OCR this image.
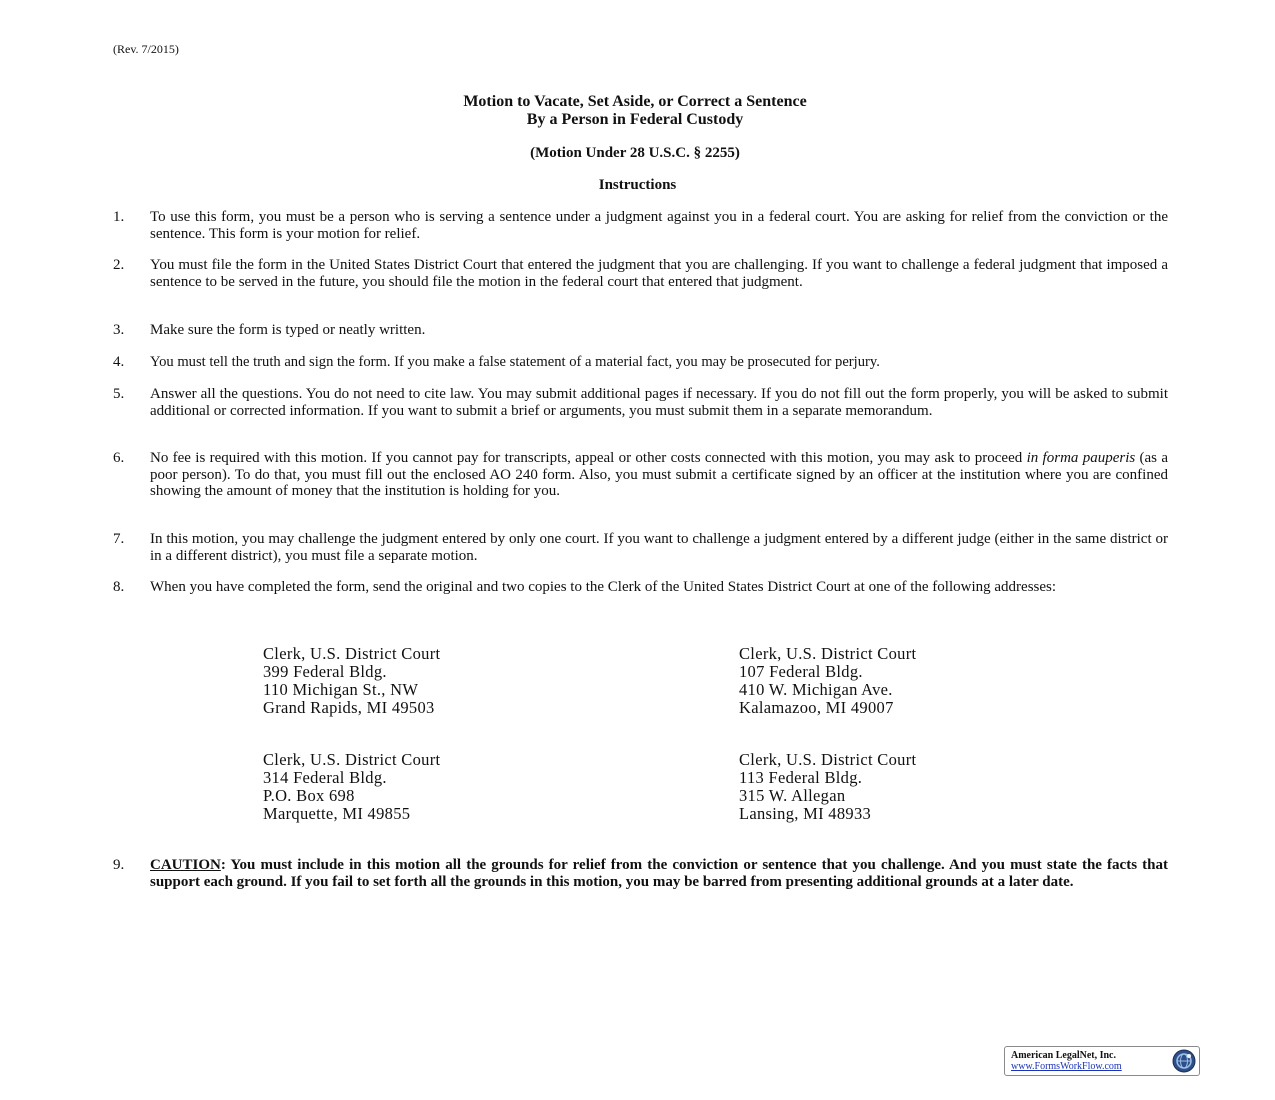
(Rev. 7/2015)
Motion to Vacate, Set Aside, or Correct a Sentence
By a Person in Federal Custody
(Motion Under 28 U.S.C. § 2255)
Instructions
1. To use this form, you must be a person who is serving a sentence under a judgment against you in a federal court. You are asking for relief from the conviction or the sentence. This form is your motion for relief.
2. You must file the form in the United States District Court that entered the judgment that you are challenging. If you want to challenge a federal judgment that imposed a sentence to be served in the future, you should file the motion in the federal court that entered that judgment.
3. Make sure the form is typed or neatly written.
4. You must tell the truth and sign the form. If you make a false statement of a material fact, you may be prosecuted for perjury.
5. Answer all the questions. You do not need to cite law. You may submit additional pages if necessary. If you do not fill out the form properly, you will be asked to submit additional or corrected information. If you want to submit a brief or arguments, you must submit them in a separate memorandum.
6. No fee is required with this motion. If you cannot pay for transcripts, appeal or other costs connected with this motion, you may ask to proceed in forma pauperis (as a poor person). To do that, you must fill out the enclosed AO 240 form. Also, you must submit a certificate signed by an officer at the institution where you are confined showing the amount of money that the institution is holding for you.
7. In this motion, you may challenge the judgment entered by only one court. If you want to challenge a judgment entered by a different judge (either in the same district or in a different district), you must file a separate motion.
8. When you have completed the form, send the original and two copies to the Clerk of the United States District Court at one of the following addresses:
Clerk, U.S. District Court
399 Federal Bldg.
110 Michigan St., NW
Grand Rapids, MI 49503
Clerk, U.S. District Court
107 Federal Bldg.
410 W. Michigan Ave.
Kalamazoo, MI 49007
Clerk, U.S. District Court
314 Federal Bldg.
P.O. Box 698
Marquette, MI 49855
Clerk, U.S. District Court
113 Federal Bldg.
315 W. Allegan
Lansing, MI 48933
9. CAUTION: You must include in this motion all the grounds for relief from the conviction or sentence that you challenge. And you must state the facts that support each ground. If you fail to set forth all the grounds in this motion, you may be barred from presenting additional grounds at a later date.
American LegalNet, Inc.
www.FormsWorkFlow.com
